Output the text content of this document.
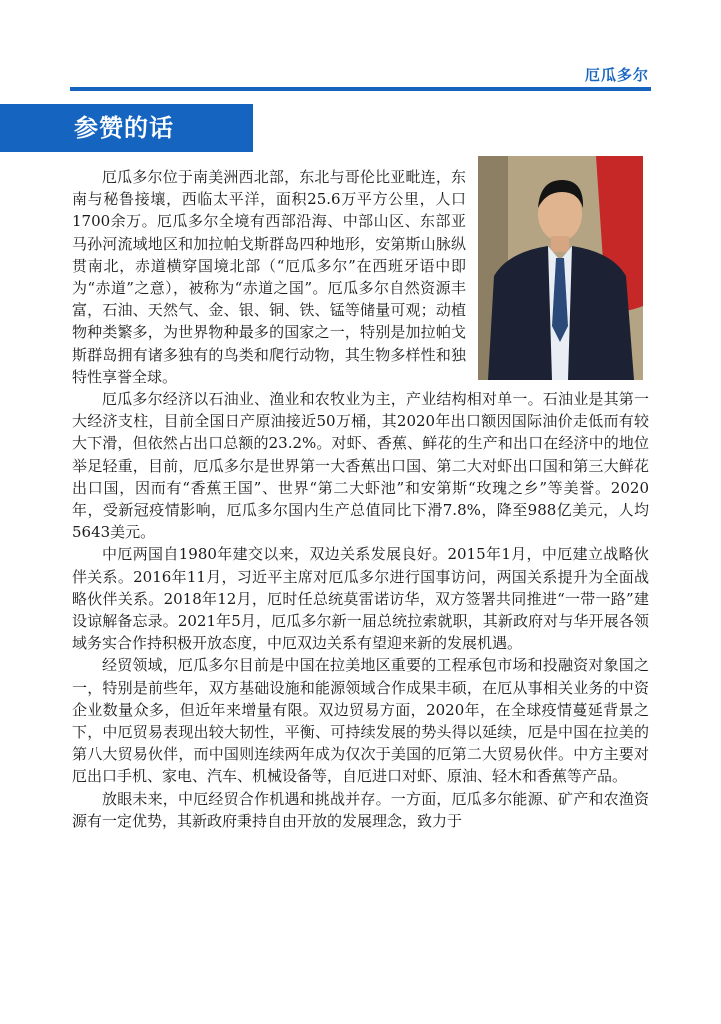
厄瓜多尔
参赞的话

厄瓜多尔位于南美洲西北部，东北与哥伦比亚毗连，东南与秘鲁接壤，西临太平洋，面积25.6万平方公里，人口1700余万。厄瓜多尔全境有西部沿海、中部山区、东部亚马孙河流域地区和加拉帕戈斯群岛四种地形，安第斯山脉纵贯南北，赤道横穿国境北部（“厄瓜多尔”在西班牙语中即为“赤道”之意），被称为“赤道之国”。厄瓜多尔自然资源丰富，石油、天然气、金、银、铜、铁、锰等储量可观；动植物种类繁多，为世界物种最多的国家之一，特别是加拉帕戈斯群岛拥有诸多独有的鸟类和爬行动物，其生物多样性和独特性享誉全球。

厄瓜多尔经济以石油业、渔业和农牧业为主，产业结构相对单一。石油业是其第一大经济支柱，目前全国日产原油接近50万桶，其2020年出口额因国际油价走低而有较大下滑，但依然占出口总额的23.2%。对虾、香蕉、鲜花的生产和出口在经济中的地位举足轻重，目前，厄瓜多尔是世界第一大香蕉出口国、第二大对虾出口国和第三大鲜花出口国，因而有“香蕉王国”、世界“第二大虾池”和安第斯“玫瑰之乡”等美誉。2020年，受新冠疫情影响，厄瓜多尔国内生产总值同比下滑7.8%，降至988亿美元，人均5643美元。

中厄两国自1980年建交以来，双边关系发展良好。2015年1月，中厄建立战略伙伴关系。2016年11月，习近平主席对厄瓜多尔进行国事访问，两国关系提升为全面战略伙伴关系。2018年12月，厄时任总统莫雷诺访华，双方签署共同推进“一带一路”建设谅解备忘录。2021年5月，厄瓜多尔新一届总统拉索就职，其新政府对与华开展各领域务实合作持积极开放态度，中厄双边关系有望迎来新的发展机遇。

经贸领域，厄瓜多尔目前是中国在拉美地区重要的工程承包市场和投融资对象国之一，特别是前些年，双方基础设施和能源领域合作成果丰硕，在厄从事相关业务的中资企业数量众多，但近年来增量有限。双边贸易方面，2020年，在全球疫情蔓延背景之下，中厄贸易表现出较大韧性，平衡、可持续发展的势头得以延续，厄是中国在拉美的第八大贸易伙伴，而中国则连续两年成为仅次于美国的厄第二大贸易伙伴。中方主要对厄出口手机、家电、汽车、机械设备等，自厄进口对虾、原油、轻木和香蕉等产品。

放眼未来，中厄经贸合作机遇和挑战并存。一方面，厄瓜多尔能源、矿产和农渔资源有一定优势，其新政府秉持自由开放的发展理念，致力于
